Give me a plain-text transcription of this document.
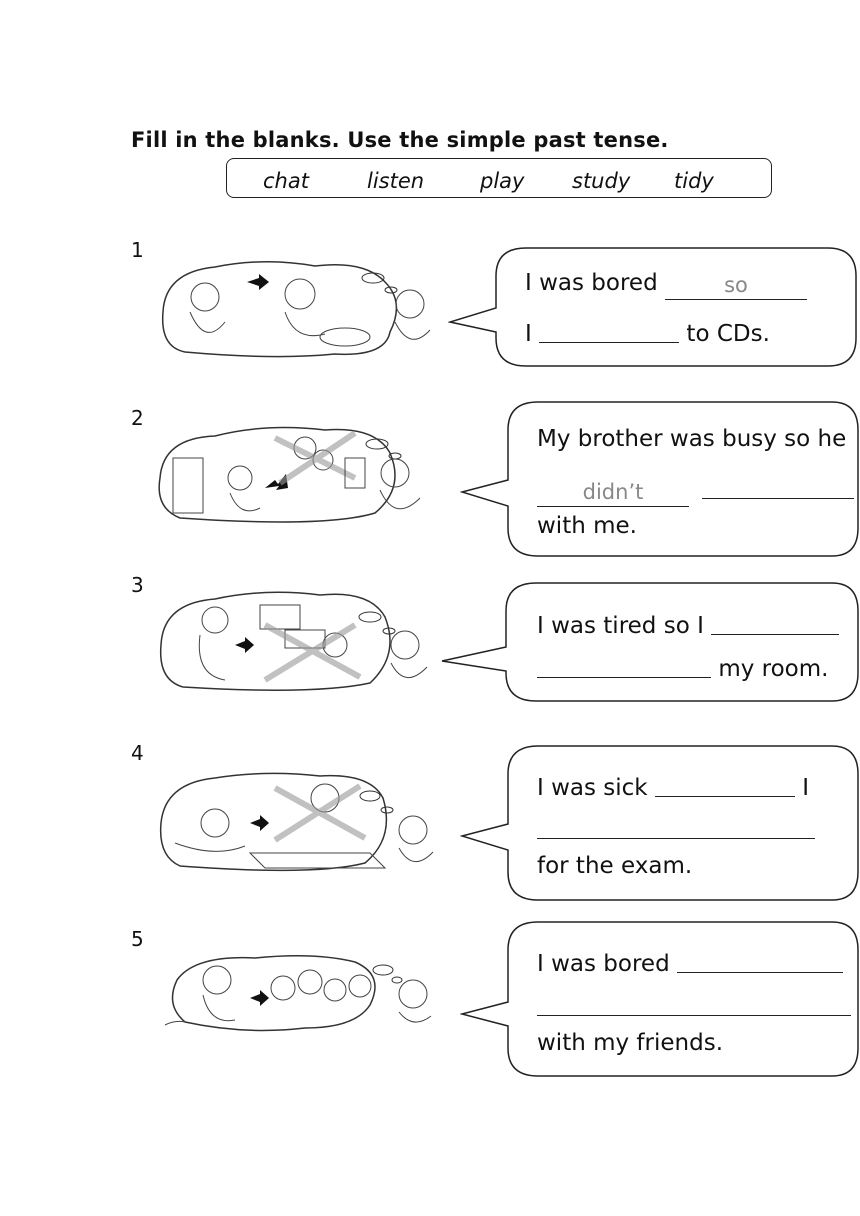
Fill in the blanks. Use the simple past tense.
chat	listen	play study tidy
1
I was bored	so
I	to CDs.
2
My brother was busy so he
didn’t
with me.
3
I was tired so I
my room.
4
I was sick	I
for the exam.
5
I was bored
with my friends.
